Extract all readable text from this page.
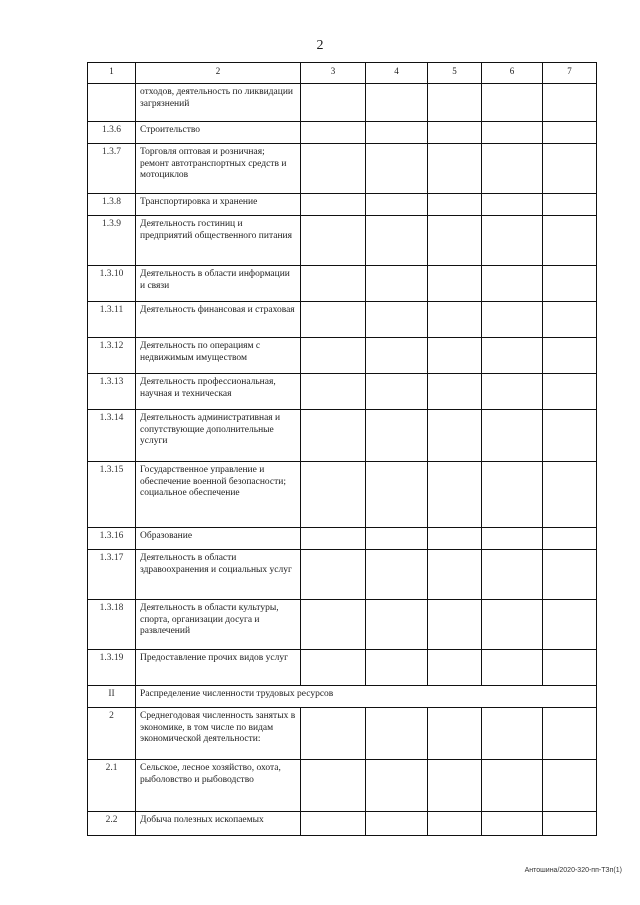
2
1	2	3	4	5	6	7
	отходов, деятельность по ликвидации загрязнений					
1.3.6	Строительство					
1.3.7	Торговля оптовая и розничная; ремонт автотранспортных средств и мотоциклов					
1.3.8	Транспортировка и хранение					
1.3.9	Деятельность гостиниц и предприятий общественного питания					
1.3.10	Деятельность в области информации и связи					
1.3.11	Деятельность финансовая и страховая					
1.3.12	Деятельность по операциям с недвижимым имуществом					
1.3.13	Деятельность профессиональная, научная и техническая					
1.3.14	Деятельность административная и сопутствующие дополнительные услуги					
1.3.15	Государственное управление и обеспечение военной безопасности; социальное обеспечение					
1.3.16	Образование					
1.3.17	Деятельность в области здравоохранения и социальных услуг					
1.3.18	Деятельность в области культуры, спорта, организации досуга и развлечений					
1.3.19	Предоставление прочих видов услуг					
II	Распределение численности трудовых ресурсов					
2	Среднегодовая численность занятых в экономике, в том числе по видам экономической деятельности:					
2.1	Сельское, лесное хозяйство, охота, рыболовство и рыбоводство					
2.2	Добыча полезных ископаемых					
Антошина/2020-320-пп-ТЗп(1)
